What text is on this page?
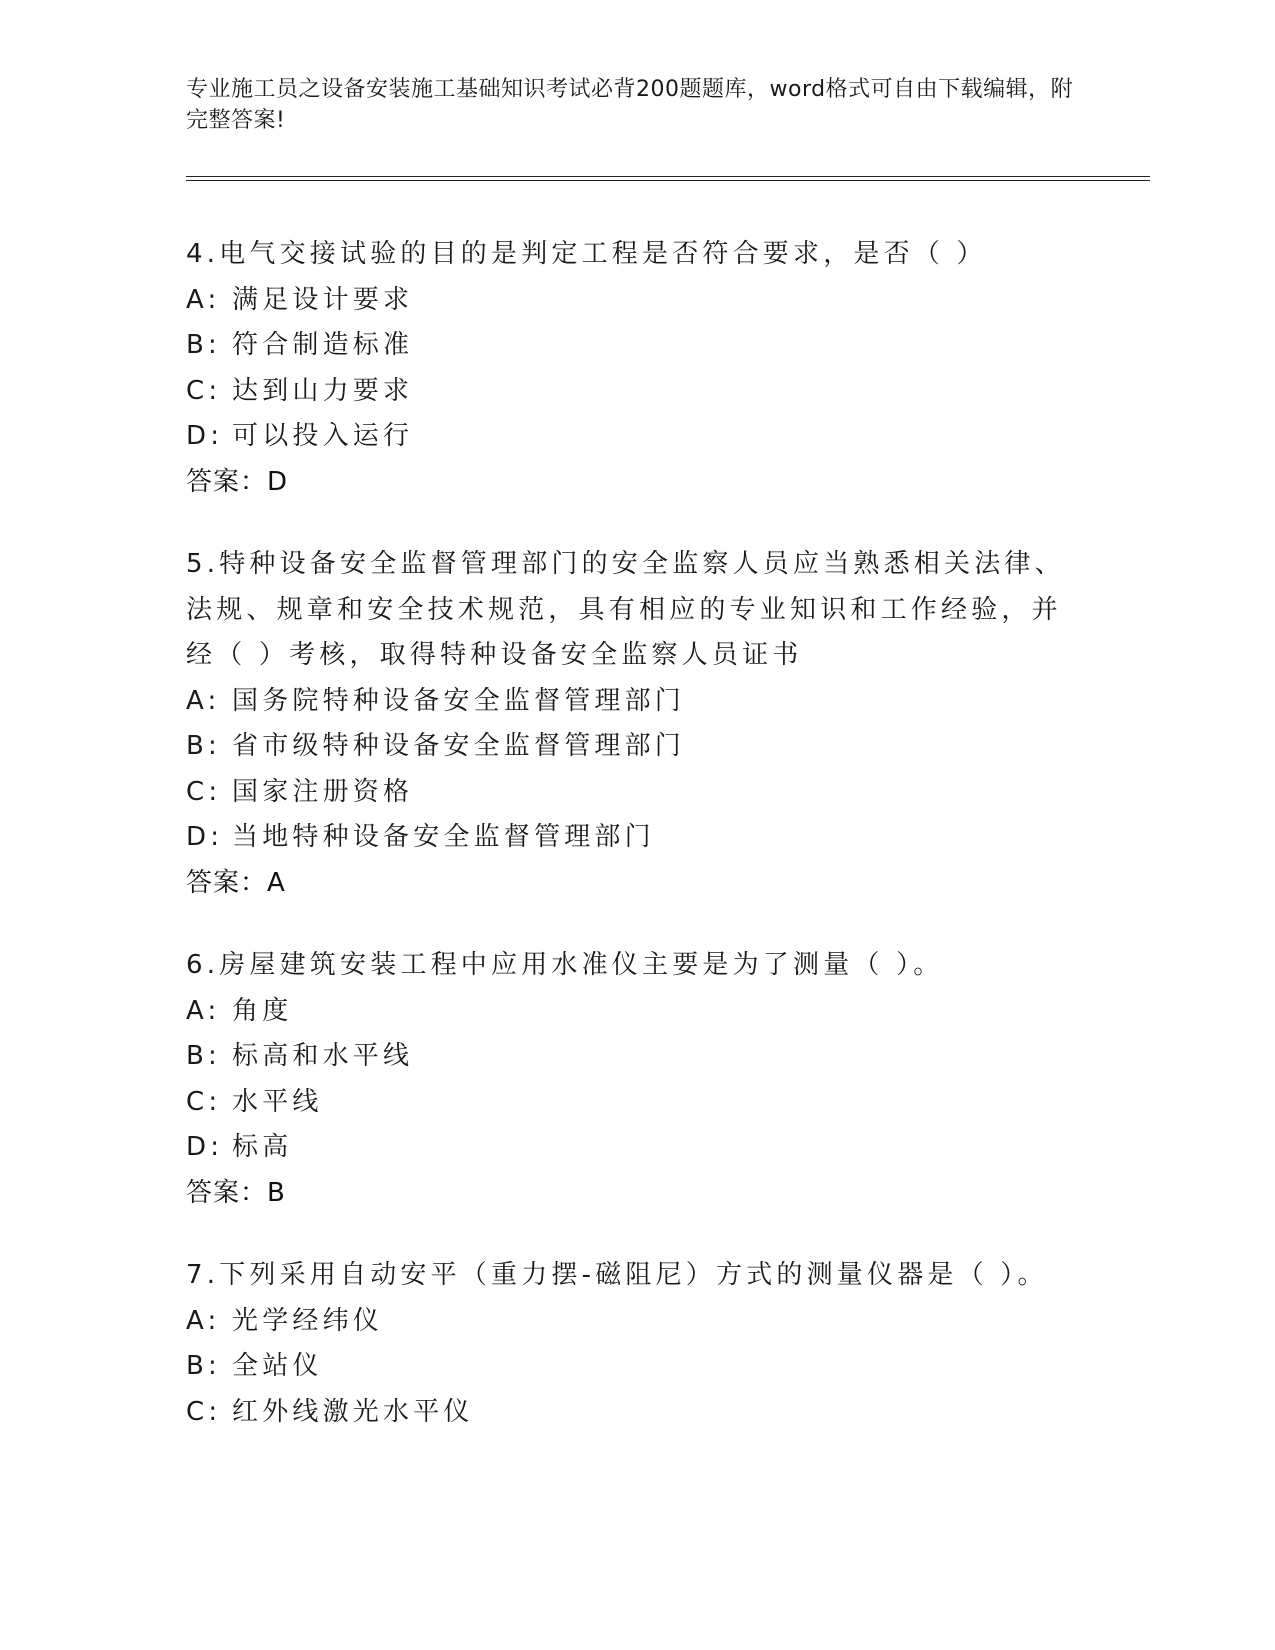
专业施工员之设备安装施工基础知识考试必背200题题库，word格式可自由下载编辑，附完整答案!

4.电气交接试验的目的是判定工程是否符合要求，是否（ ）

A: 满足设计要求

B: 符合制造标准

C: 达到山力要求

D: 可以投入运行

答案：D

5.特种设备安全监督管理部门的安全监察人员应当熟悉相关法律、法规、规章和安全技术规范，具有相应的专业知识和工作经验，并经（ ）考核，取得特种设备安全监察人员证书

A: 国务院特种设备安全监督管理部门

B: 省市级特种设备安全监督管理部门

C: 国家注册资格

D: 当地特种设备安全监督管理部门

答案：A

6.房屋建筑安装工程中应用水准仪主要是为了测量（ ）。

A: 角度

B: 标高和水平线

C: 水平线

D: 标高

答案：B

7.下列采用自动安平（重力摆-磁阻尼）方式的测量仪器是（ ）。

A: 光学经纬仪

B: 全站仪

C: 红外线激光水平仪
